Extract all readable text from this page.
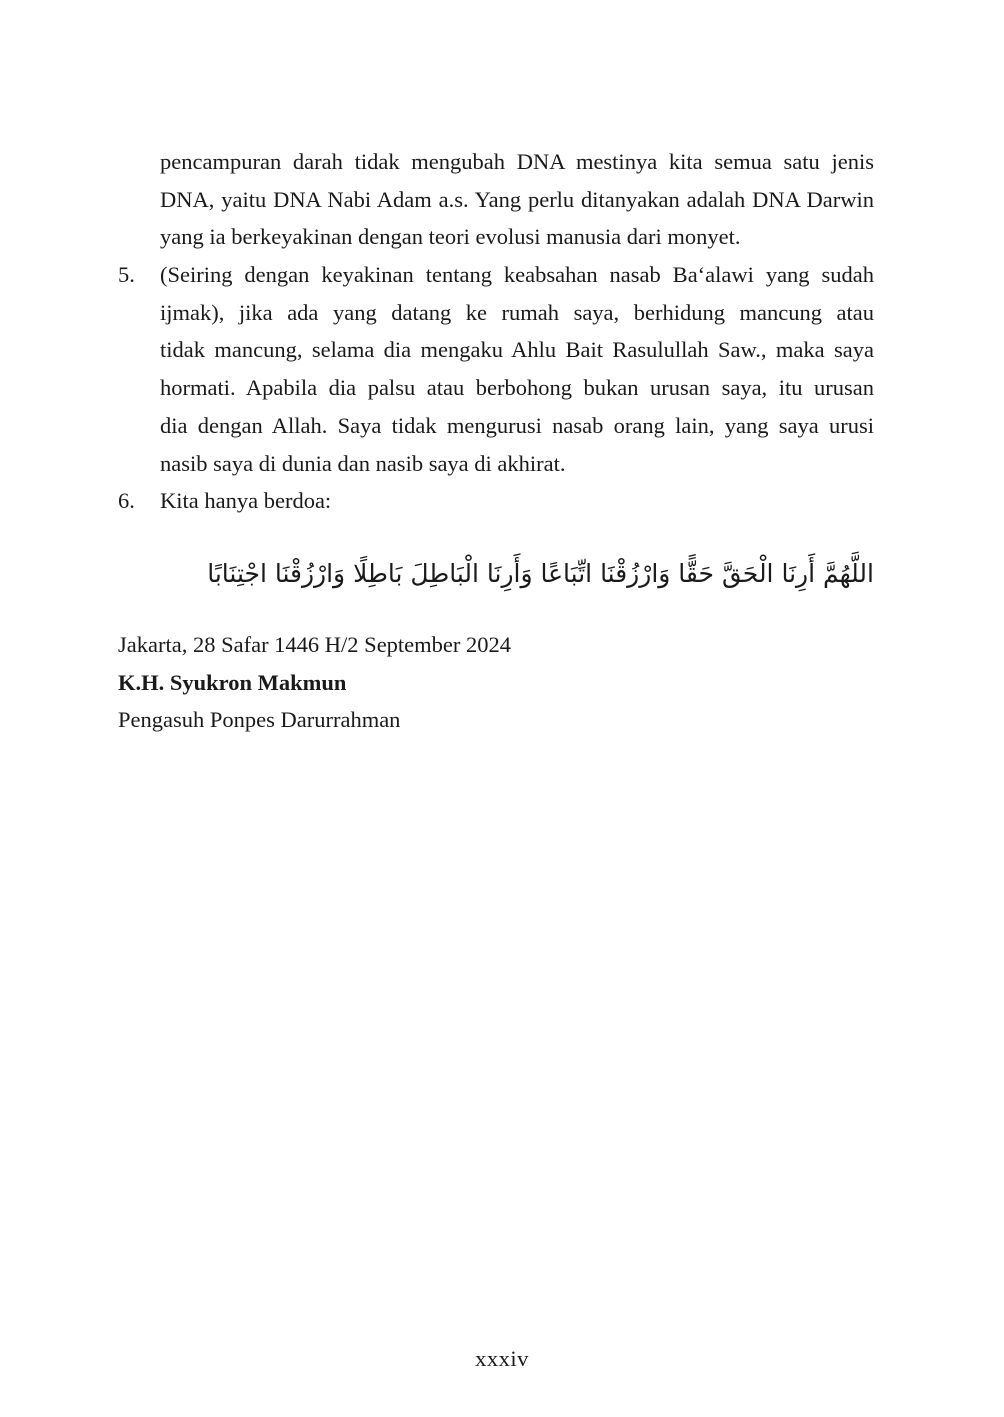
pencampuran darah tidak mengubah DNA mestinya kita semua satu jenis
DNA, yaitu DNA Nabi Adam a.s. Yang perlu ditanyakan adalah DNA Darwin
yang ia berkeyakinan dengan teori evolusi manusia dari monyet.
5. (Seiring dengan keyakinan tentang keabsahan nasab Baʻalawi yang sudah
ijmak), jika ada yang datang ke rumah saya, berhidung mancung atau
tidak mancung, selama dia mengaku Ahlu Bait Rasulullah Saw., maka saya
hormati. Apabila dia palsu atau berbohong bukan urusan saya, itu urusan
dia dengan Allah. Saya tidak mengurusi nasab orang lain, yang saya urusi
nasib saya di dunia dan nasib saya di akhirat.
6. Kita hanya berdoa:
اللَّهُمَّ أَرِنَا الْحَقَّ حَقًّا وَارْزُقْنَا اتِّبَاعًا وَأَرِنَا الْبَاطِلَ بَاطِلًا وَارْزُقْنَا اجْتِنَابًا
Jakarta, 28 Safar 1446 H/2 September 2024
K.H. Syukron Makmun
Pengasuh Ponpes Darurrahman
xxxiv
